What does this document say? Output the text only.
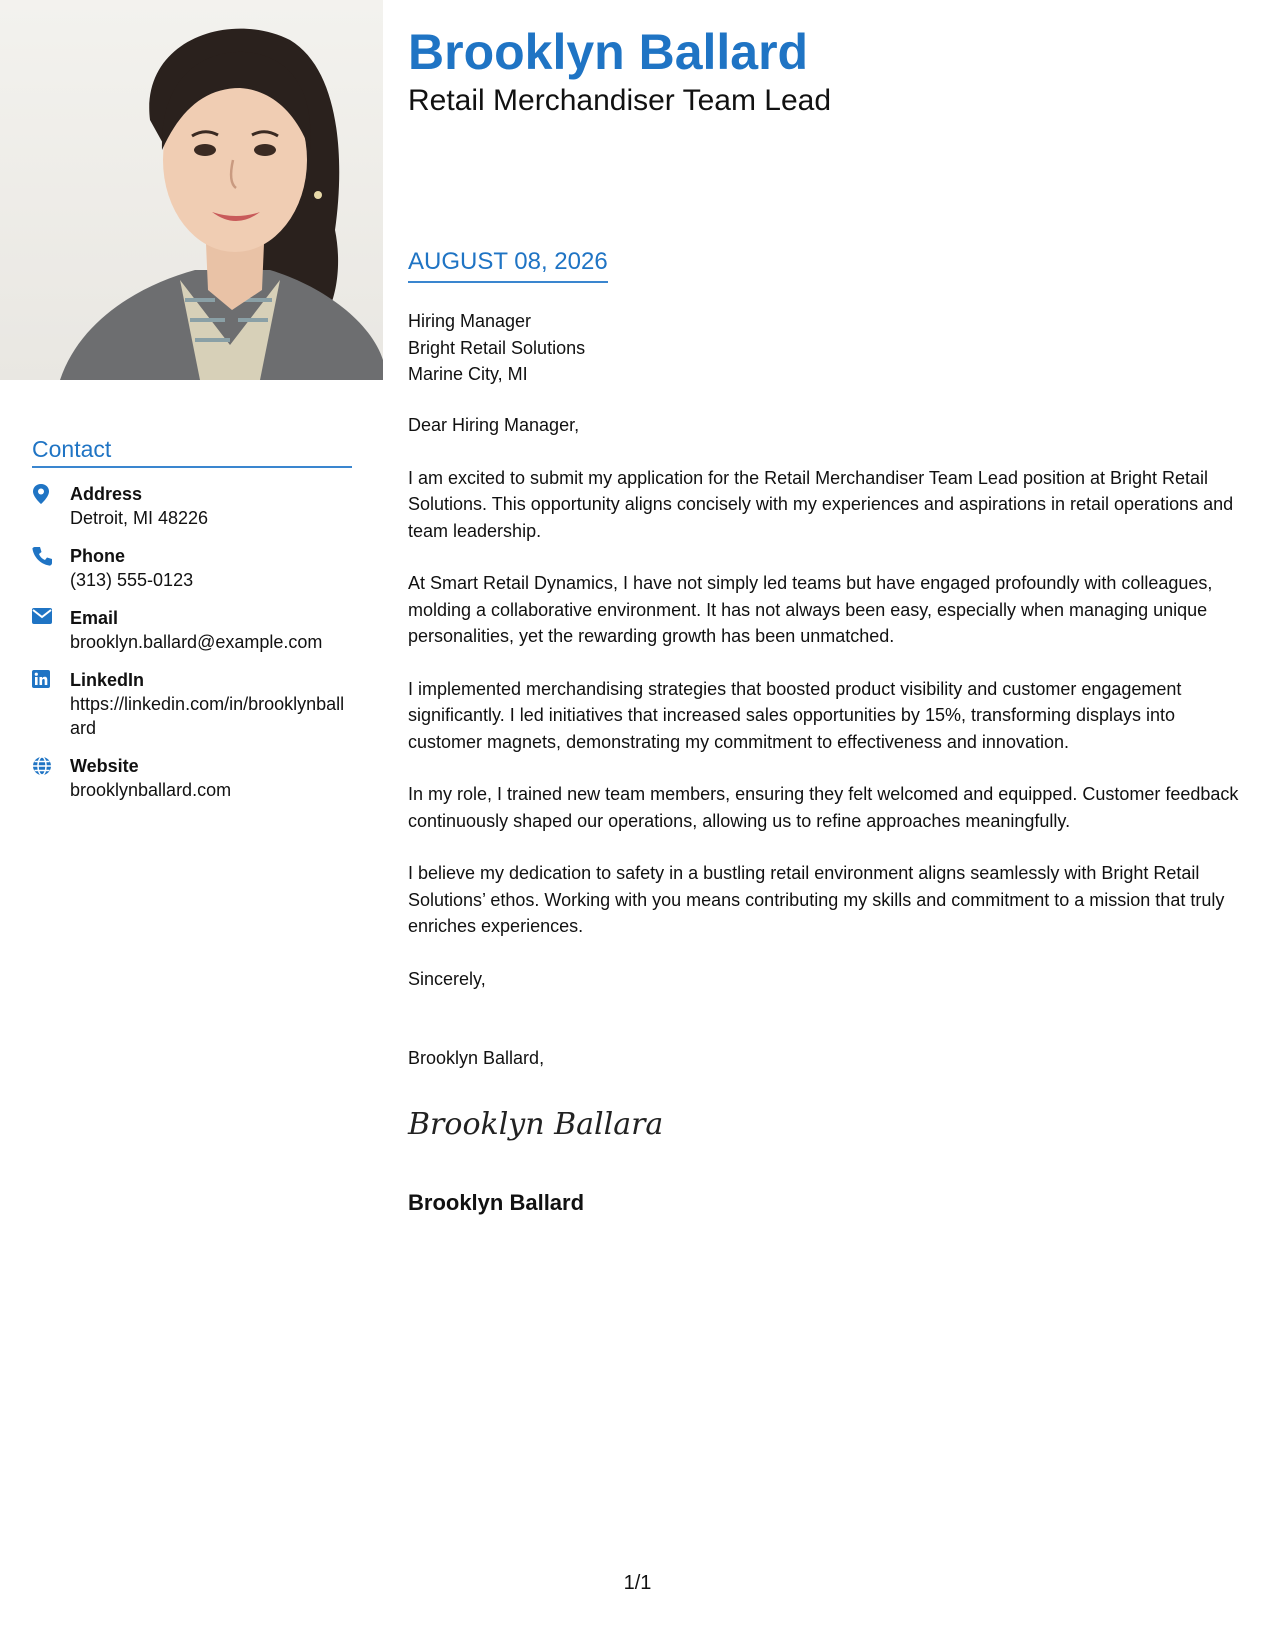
Contact
Address
Detroit, MI 48226
Phone
(313) 555-0123
Email
brooklyn.ballard@example.com
LinkedIn
https://linkedin.com/in/brooklynballard
Website
brooklynballard.com
Brooklyn Ballard
Retail Merchandiser Team Lead
AUGUST 08, 2026
Hiring Manager
Bright Retail Solutions
Marine City, MI

Dear Hiring Manager,

I am excited to submit my application for the Retail Merchandiser Team Lead position at Bright Retail Solutions. This opportunity aligns concisely with my experiences and aspirations in retail operations and team leadership.

At Smart Retail Dynamics, I have not simply led teams but have engaged profoundly with colleagues, molding a collaborative environment. It has not always been easy, especially when managing unique personalities, yet the rewarding growth has been unmatched.

I implemented merchandising strategies that boosted product visibility and customer engagement significantly. I led initiatives that increased sales opportunities by 15%, transforming displays into customer magnets, demonstrating my commitment to effectiveness and innovation.

In my role, I trained new team members, ensuring they felt welcomed and equipped. Customer feedback continuously shaped our operations, allowing us to refine approaches meaningfully.

I believe my dedication to safety in a bustling retail environment aligns seamlessly with Bright Retail Solutions’ ethos. Working with you means contributing my skills and commitment to a mission that truly enriches experiences.

Sincerely,

Brooklyn Ballard,
Brooklyn Ballara
Brooklyn Ballard
1/1
